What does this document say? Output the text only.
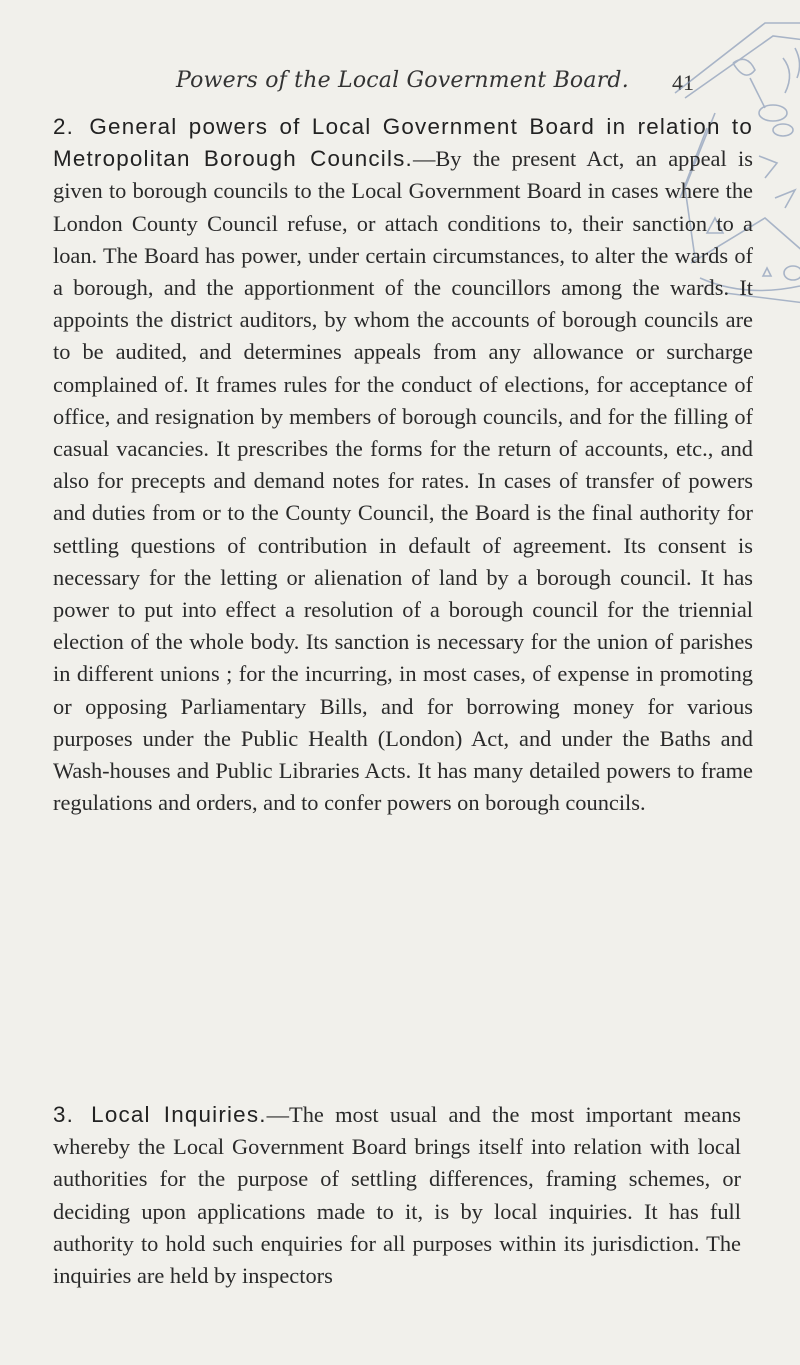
Powers of the Local Government Board. 41

2. General powers of Local Government Board in relation to Metropolitan Borough Councils.—By the present Act, an appeal is given to borough councils to the Local Government Board in cases where the London County Council refuse, or attach conditions to, their sanction to a loan. The Board has power, under certain circumstances, to alter the wards of a borough, and the apportionment of the councillors among the wards. It appoints the district auditors, by whom the accounts of borough councils are to be audited, and determines appeals from any allowance or surcharge complained of. It frames rules for the conduct of elections, for acceptance of office, and resignation by members of borough councils, and for the filling of casual vacancies. It prescribes the forms for the return of accounts, etc., and also for precepts and demand notes for rates. In cases of transfer of powers and duties from or to the County Council, the Board is the final authority for settling questions of contribution in default of agreement. Its consent is necessary for the letting or alienation of land by a borough council. It has power to put into effect a resolution of a borough council for the triennial election of the whole body. Its sanction is necessary for the union of parishes in different unions ; for the incurring, in most cases, of expense in promoting or opposing Parliamentary Bills, and for borrowing money for various purposes under the Public Health (London) Act, and under the Baths and Wash-houses and Public Libraries Acts. It has many detailed powers to frame regulations and orders, and to confer powers on borough councils.

3. Local Inquiries.—The most usual and the most important means whereby the Local Government Board brings itself into relation with local authorities for the purpose of settling differences, framing schemes, or deciding upon applications made to it, is by local inquiries. It has full authority to hold such enquiries for all purposes within its jurisdiction. The inquiries are held by inspectors
